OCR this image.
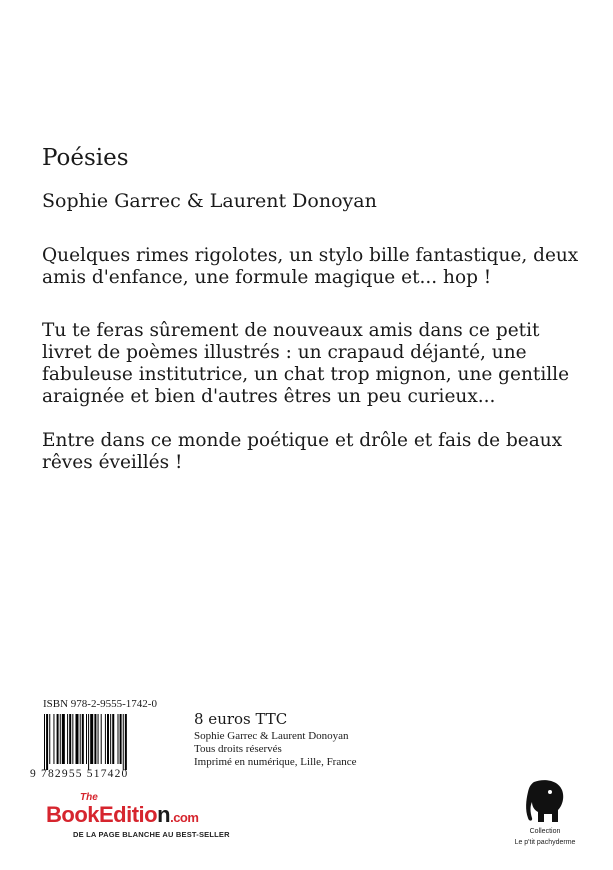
Poésies
Sophie Garrec & Laurent Donoyan

Quelques rimes rigolotes, un stylo bille fantastique, deux amis d'enfance, une formule magique et... hop !

Tu te feras sûrement de nouveaux amis dans ce petit livret de poèmes illustrés : un crapaud déjanté, une fabuleuse institutrice, un chat trop mignon, une gentille araignée et bien d'autres êtres un peu curieux...

Entre dans ce monde poétique et drôle et fais de beaux rêves éveillés !

ISBN 978-2-9555-1742-0
9 782955 517420
8 euros TTC
Sophie Garrec & Laurent Donoyan
Tous droits réservés
Imprimé en numérique, Lille, France
The
BookEdition.com
DE LA PAGE BLANCHE AU BEST-SELLER	Collection
Le p'tit pachyderme
